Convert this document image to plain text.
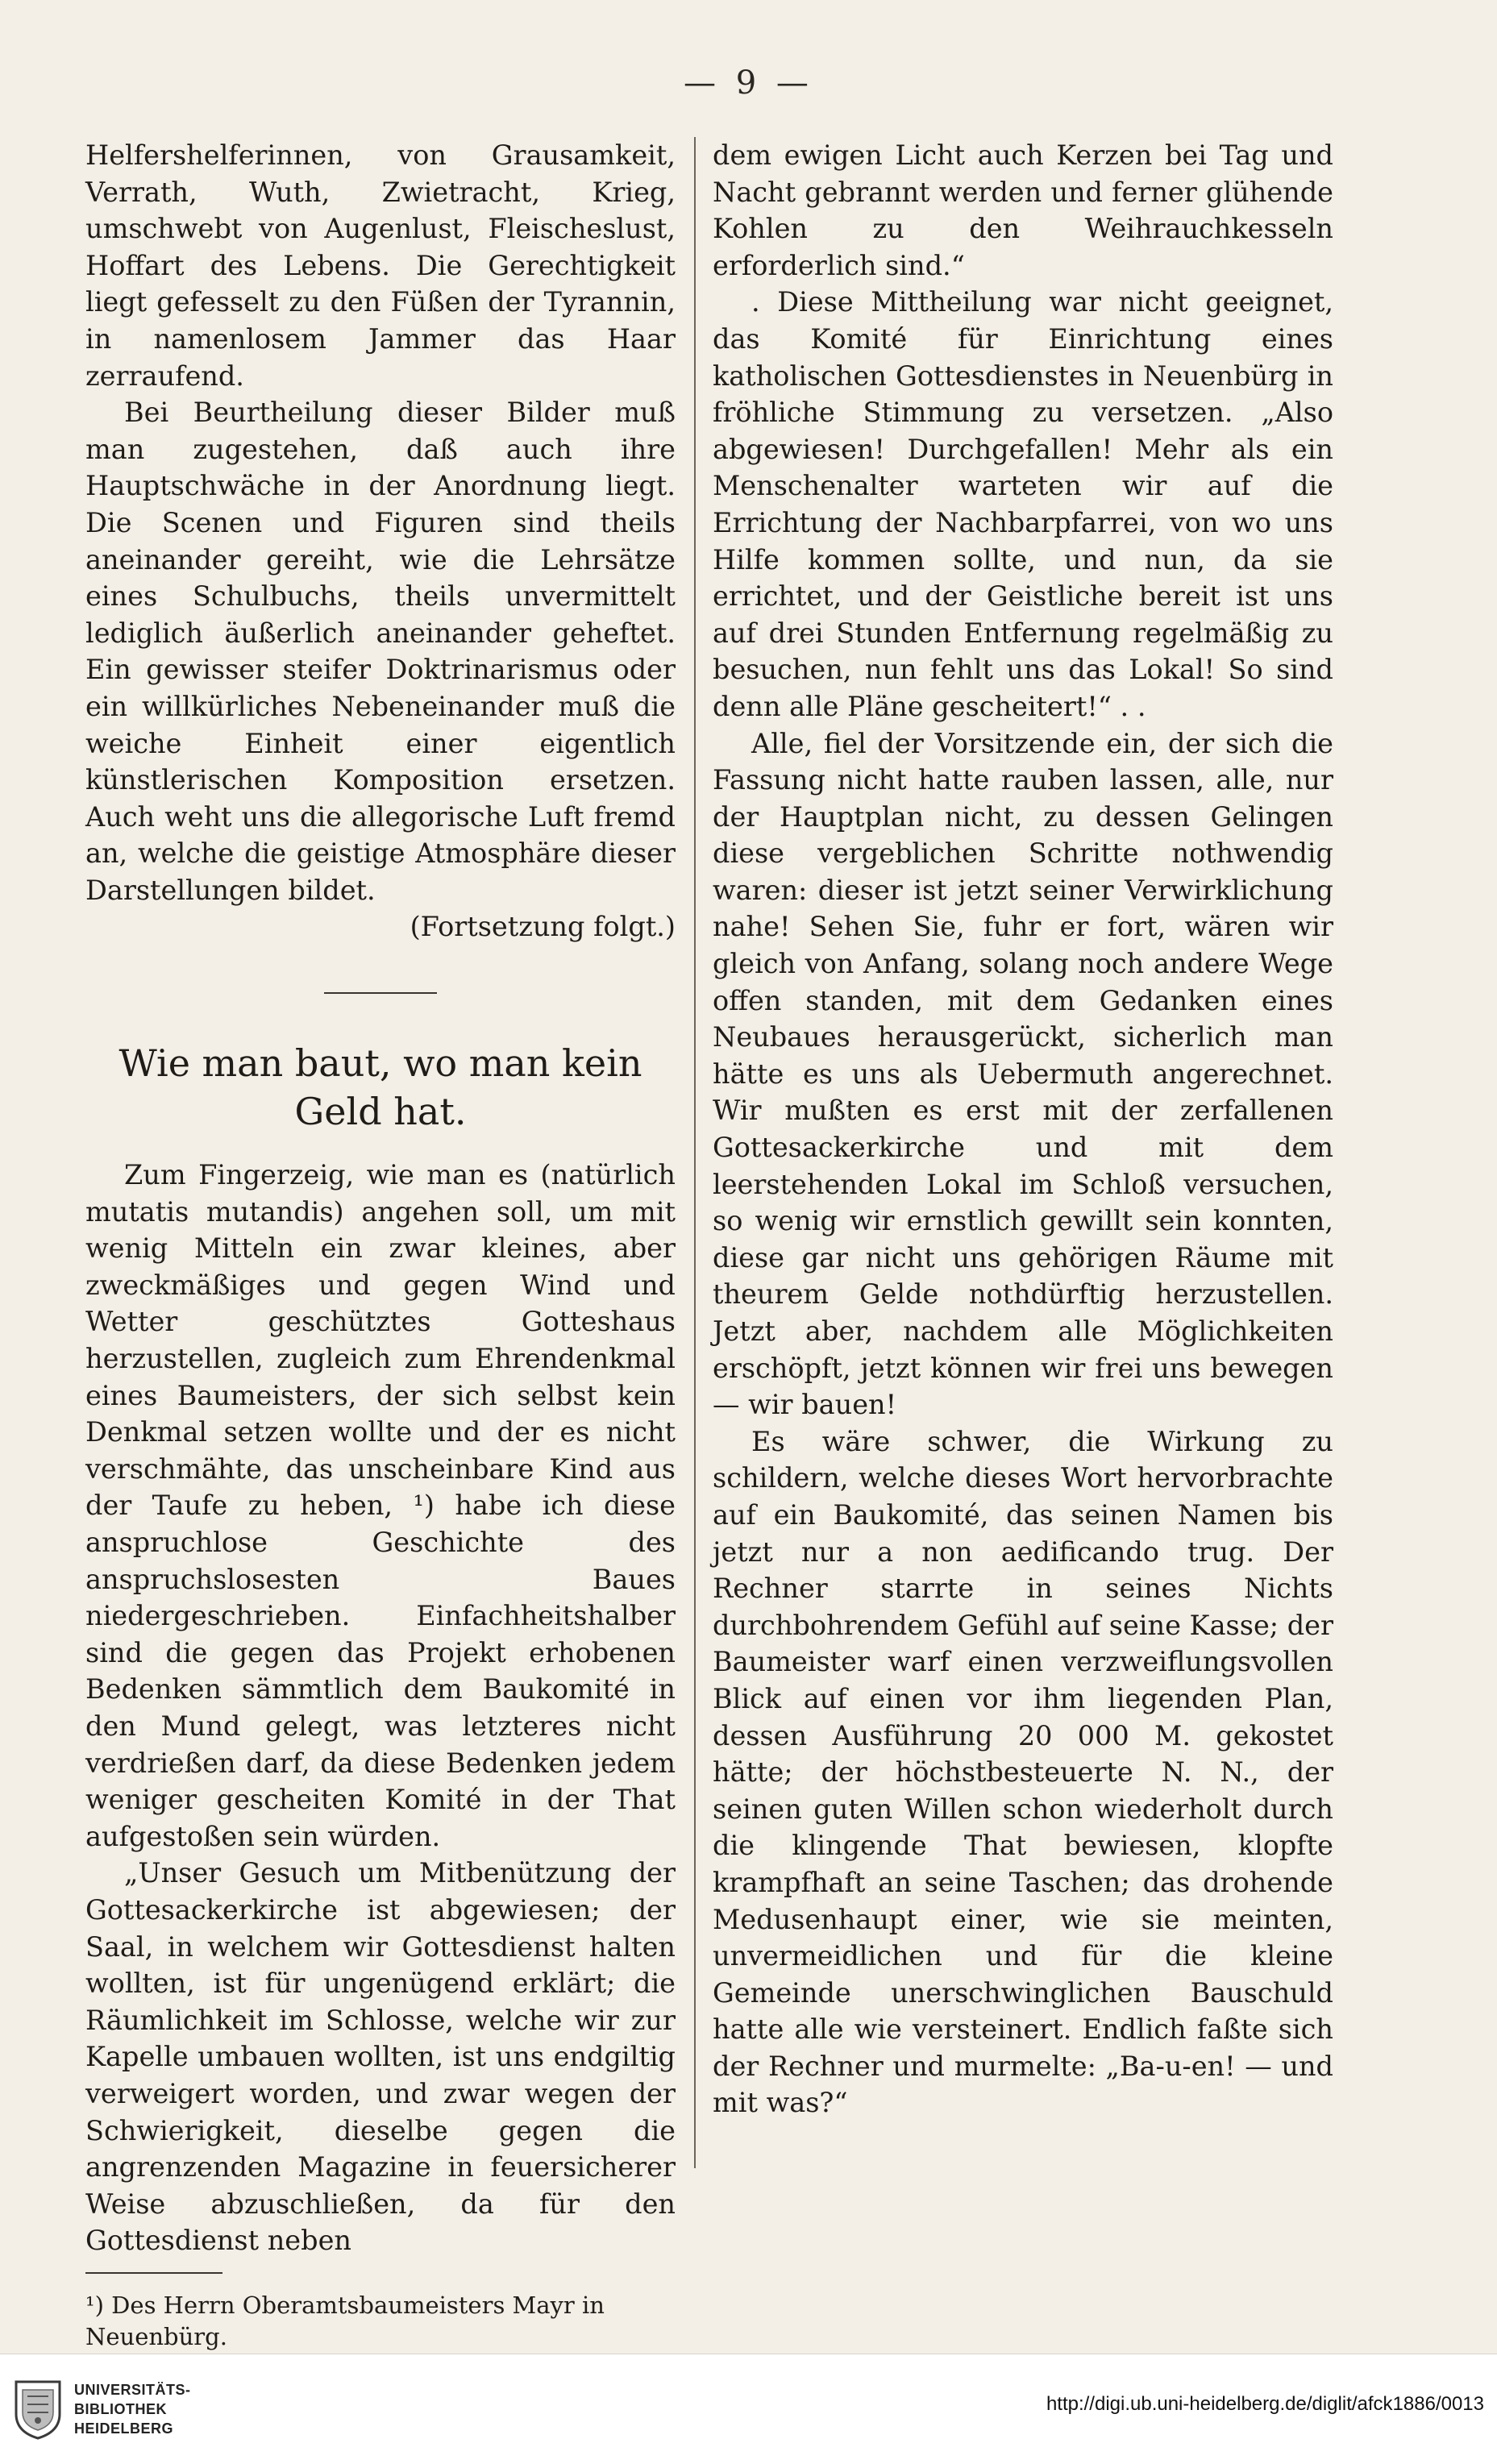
— 9 —

Helfershelferinnen, von Grausamkeit, Verrath, Wuth, Zwietracht, Krieg, umschwebt von Augenlust, Fleischeslust, Hoffart des Lebens. Die Gerechtigkeit liegt gefesselt zu den Füßen der Tyrannin, in namenlosem Jammer das Haar zerraufend.

Bei Beurtheilung dieser Bilder muß man zugestehen, daß auch ihre Hauptschwäche in der Anordnung liegt. Die Scenen und Figuren sind theils aneinander gereiht, wie die Lehrsätze eines Schulbuchs, theils unvermittelt lediglich äußerlich aneinander geheftet. Ein gewisser steifer Doktrinarismus oder ein willkürliches Nebeneinander muß die weiche Einheit einer eigentlich künstlerischen Komposition ersetzen. Auch weht uns die allegorische Luft fremd an, welche die geistige Atmosphäre dieser Darstellungen bildet.

(Fortsetzung folgt.)

Wie man baut, wo man kein
Geld hat.

Zum Fingerzeig, wie man es (natürlich mutatis mutandis) angehen soll, um mit wenig Mitteln ein zwar kleines, aber zweckmäßiges und gegen Wind und Wetter geschütztes Gotteshaus herzustellen, zugleich zum Ehrendenkmal eines Baumeisters, der sich selbst kein Denkmal setzen wollte und der es nicht verschmähte, das unscheinbare Kind aus der Taufe zu heben, ¹) habe ich diese anspruchlose Geschichte des anspruchslosesten Baues niedergeschrieben. Einfachheitshalber sind die gegen das Projekt erhobenen Bedenken sämmtlich dem Baukomité in den Mund gelegt, was letzteres nicht verdrießen darf, da diese Bedenken jedem weniger gescheiten Komité in der That aufgestoßen sein würden.

„Unser Gesuch um Mitbenützung der Gottesackerkirche ist abgewiesen; der Saal, in welchem wir Gottesdienst halten wollten, ist für ungenügend erklärt; die Räumlichkeit im Schlosse, welche wir zur Kapelle umbauen wollten, ist uns endgiltig verweigert worden, und zwar wegen der Schwierigkeit, dieselbe gegen die angrenzenden Magazine in feuersicherer Weise abzuschließen, da für den Gottesdienst neben

¹) Des Herrn Oberamtsbaumeisters Mayr in Neuenbürg.

dem ewigen Licht auch Kerzen bei Tag und Nacht gebrannt werden und ferner glühende Kohlen zu den Weihrauchkesseln erforderlich sind.“

. Diese Mittheilung war nicht geeignet, das Komité für Einrichtung eines katholischen Gottesdienstes in Neuenbürg in fröhliche Stimmung zu versetzen. „Also abgewiesen! Durchgefallen! Mehr als ein Menschenalter warteten wir auf die Errichtung der Nachbarpfarrei, von wo uns Hilfe kommen sollte, und nun, da sie errichtet, und der Geistliche bereit ist uns auf drei Stunden Entfernung regelmäßig zu besuchen, nun fehlt uns das Lokal! So sind denn alle Pläne gescheitert!“ . .

Alle, fiel der Vorsitzende ein, der sich die Fassung nicht hatte rauben lassen, alle, nur der Hauptplan nicht, zu dessen Gelingen diese vergeblichen Schritte nothwendig waren: dieser ist jetzt seiner Verwirklichung nahe! Sehen Sie, fuhr er fort, wären wir gleich von Anfang, solang noch andere Wege offen standen, mit dem Gedanken eines Neubaues herausgerückt, sicherlich man hätte es uns als Uebermuth angerechnet. Wir mußten es erst mit der zerfallenen Gottesackerkirche und mit dem leerstehenden Lokal im Schloß versuchen, so wenig wir ernstlich gewillt sein konnten, diese gar nicht uns gehörigen Räume mit theurem Gelde nothdürftig herzustellen. Jetzt aber, nachdem alle Möglichkeiten erschöpft, jetzt können wir frei uns bewegen — wir bauen!

Es wäre schwer, die Wirkung zu schildern, welche dieses Wort hervorbrachte auf ein Baukomité, das seinen Namen bis jetzt nur a non aedificando trug. Der Rechner starrte in seines Nichts durchbohrendem Gefühl auf seine Kasse; der Baumeister warf einen verzweiflungsvollen Blick auf einen vor ihm liegenden Plan, dessen Ausführung 20 000 M. gekostet hätte; der höchstbesteuerte N. N., der seinen guten Willen schon wiederholt durch die klingende That bewiesen, klopfte krampfhaft an seine Taschen; das drohende Medusenhaupt einer, wie sie meinten, unvermeidlichen und für die kleine Gemeinde unerschwinglichen Bauschuld hatte alle wie versteinert. Endlich faßte sich der Rechner und murmelte: „Ba-u-en! — und mit was?“

UNIVERSITÄTS-
BIBLIOTHEK
HEIDELBERG
http://digi.ub.uni-heidelberg.de/diglit/afck1886/0013
